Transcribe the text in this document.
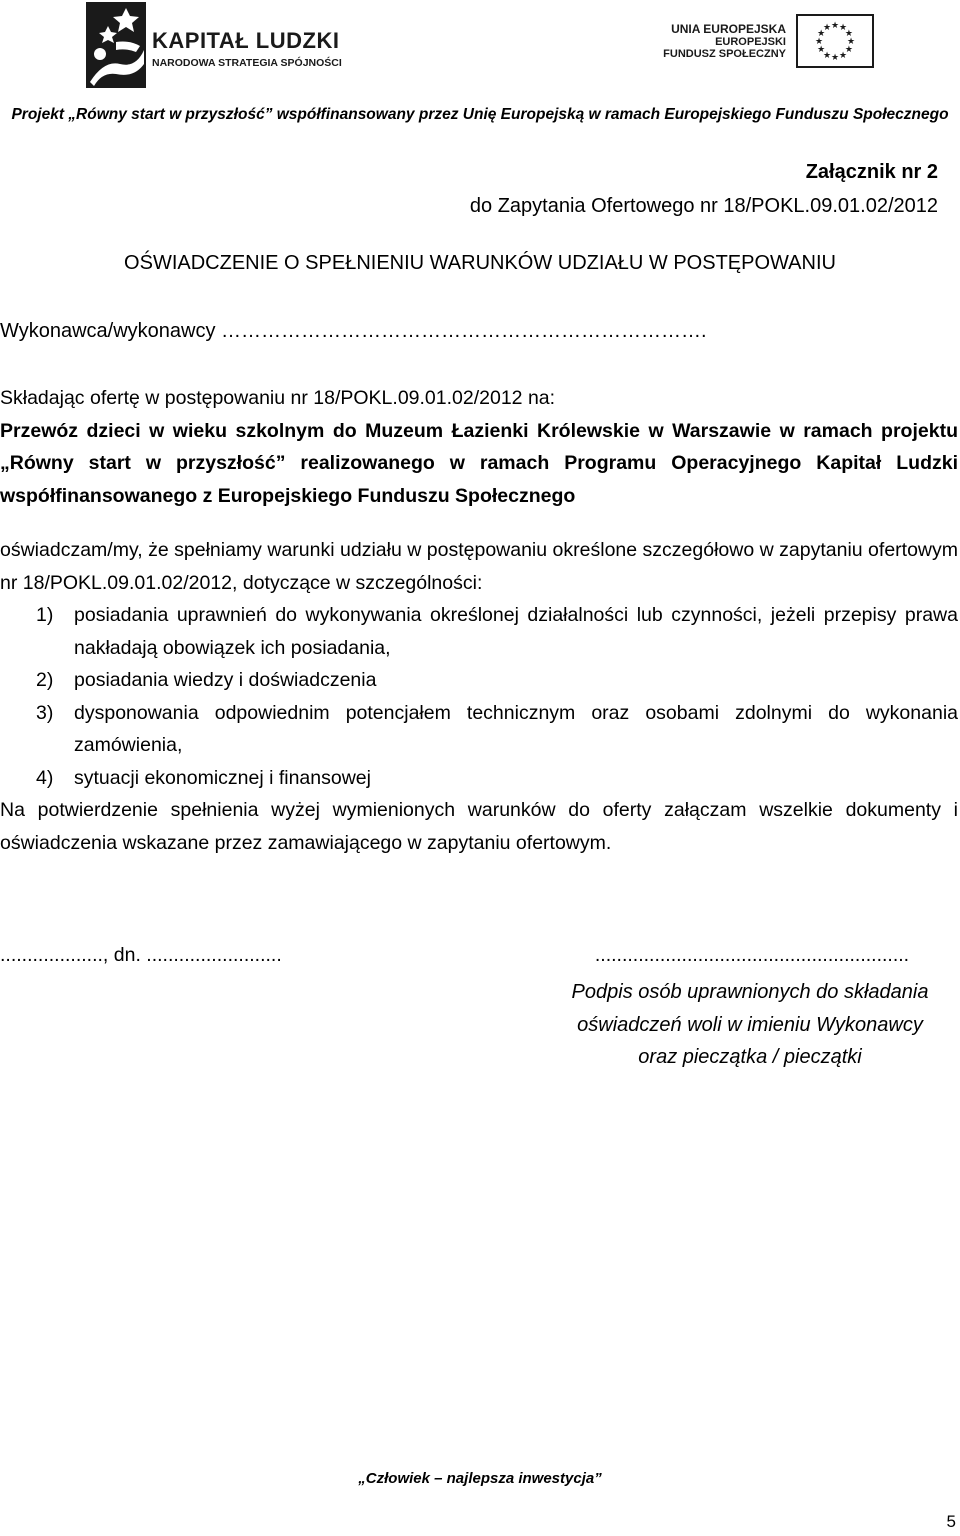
KAPITAŁ LUDZKI
NARODOWA STRATEGIA SPÓJNOŚCI
UNIA EUROPEJSKA
EUROPEJSKI
FUNDUSZ SPOŁECZNY
★
★
★
★
★
★
★
★
★ ★ ★
★
Projekt „Równy start w przyszłość” współfinansowany przez Unię Europejską w ramach Europejskiego Funduszu Społecznego
Załącznik nr 2
do Zapytania Ofertowego nr 18/POKL.09.01.02/2012
OŚWIADCZENIE O SPEŁNIENIU WARUNKÓW UDZIAŁU W POSTĘPOWANIU
Wykonawca/wykonawcy ……………………………………………………………….

Składając ofertę w postępowaniu nr 18/POKL.09.01.02/2012 na:

Przewóz dzieci w wieku szkolnym do Muzeum Łazienki Królewskie w Warszawie w ramach projektu „Równy start w przyszłość” realizowanego w ramach Programu Operacyjnego Kapitał Ludzki współfinansowanego z Europejskiego Funduszu Społecznego

oświadczam/my, że spełniamy warunki udziału w postępowaniu określone szczegółowo w zapytaniu ofertowym nr 18/POKL.09.01.02/2012, dotyczące w szczególności:

1) posiadania uprawnień do wykonywania określonej działalności lub czynności, jeżeli przepisy prawa nakładają obowiązek ich posiadania,
2) posiadania wiedzy i doświadczenia
3) dysponowania odpowiednim potencjałem technicznym oraz osobami zdolnymi do wykonania zamówienia,
4) sytuacji ekonomicznej i finansowej

Na potwierdzenie spełnienia wyżej wymienionych warunków do oferty załączam wszelkie dokumenty i oświadczenia wskazane przez zamawiającego w zapytaniu ofertowym.

..................., dn. .........................	..........................................................
Podpis osób uprawnionych do składania
oświadczeń woli w imieniu Wykonawcy
oraz pieczątka / pieczątki
„Człowiek – najlepsza inwestycja”
5
